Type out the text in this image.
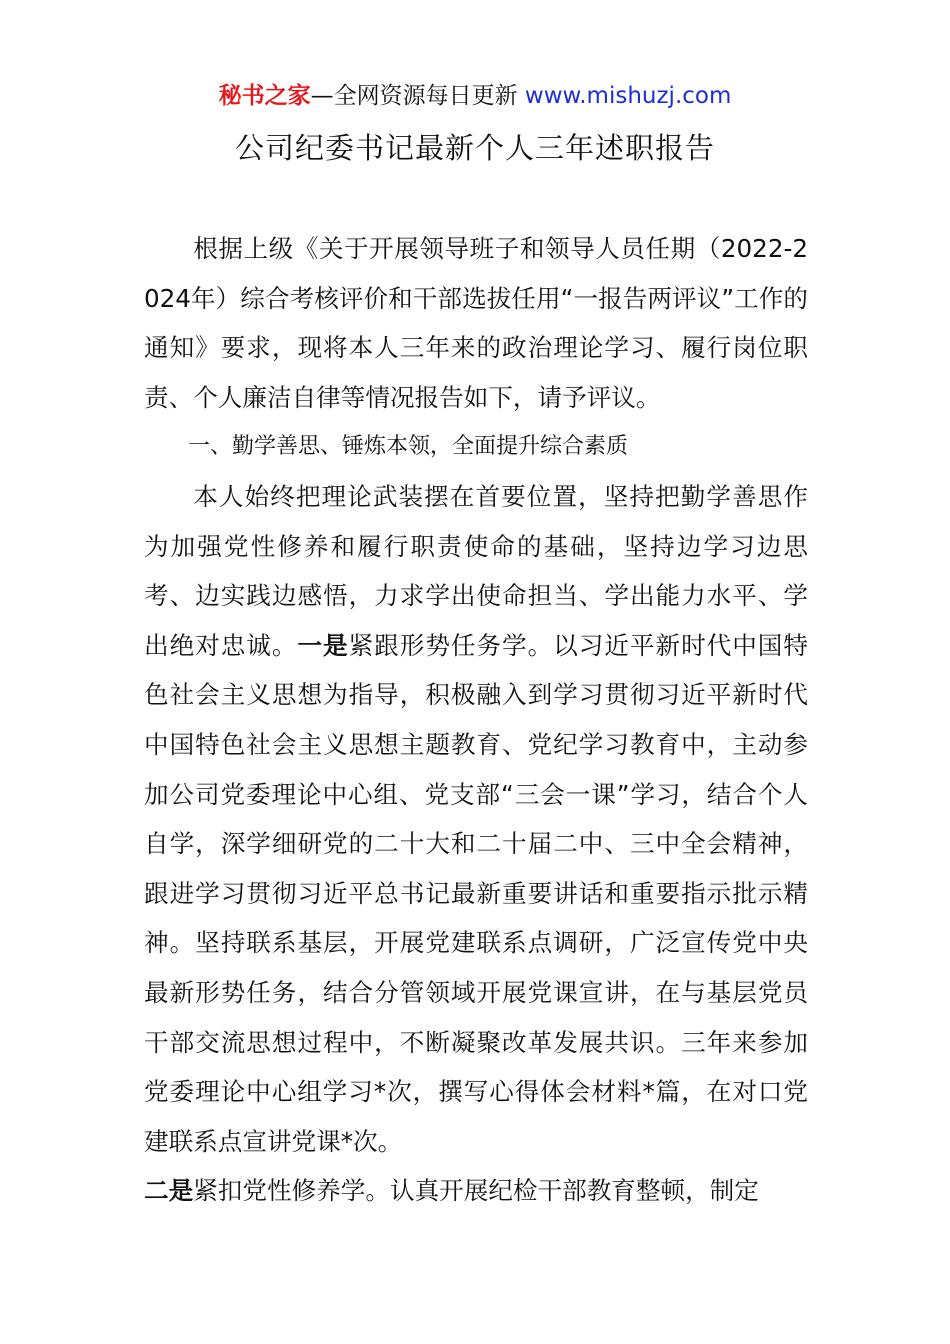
秘书之家—全网资源每日更新 www.mishuzj.com
公司纪委书记最新个人三年述职报告

根据上级《关于开展领导班子和领导人员任期（2022-2024年）综合考核评价和干部选拔任用“一报告两评议”工作的通知》要求，现将本人三年来的政治理论学习、履行岗位职责、个人廉洁自律等情况报告如下，请予评议。

一、勤学善思、锤炼本领，全面提升综合素质

本人始终把理论武装摆在首要位置，坚持把勤学善思作为加强党性修养和履行职责使命的基础，坚持边学习边思考、边实践边感悟，力求学出使命担当、学出能力水平、学出绝对忠诚。一是紧跟形势任务学。以习近平新时代中国特色社会主义思想为指导，积极融入到学习贯彻习近平新时代中国特色社会主义思想主题教育、党纪学习教育中，主动参加公司党委理论中心组、党支部“三会一课”学习，结合个人自学，深学细研党的二十大和二十届二中、三中全会精神，跟进学习贯彻习近平总书记最新重要讲话和重要指示批示精神。坚持联系基层，开展党建联系点调研，广泛宣传党中央最新形势任务，结合分管领域开展党课宣讲，在与基层党员干部交流思想过程中，不断凝聚改革发展共识。三年来参加党委理论中心组学习*次，撰写心得体会材料*篇，在对口党建联系点宣讲党课*次。

二是紧扣党性修养学。认真开展纪检干部教育整顿，制定
